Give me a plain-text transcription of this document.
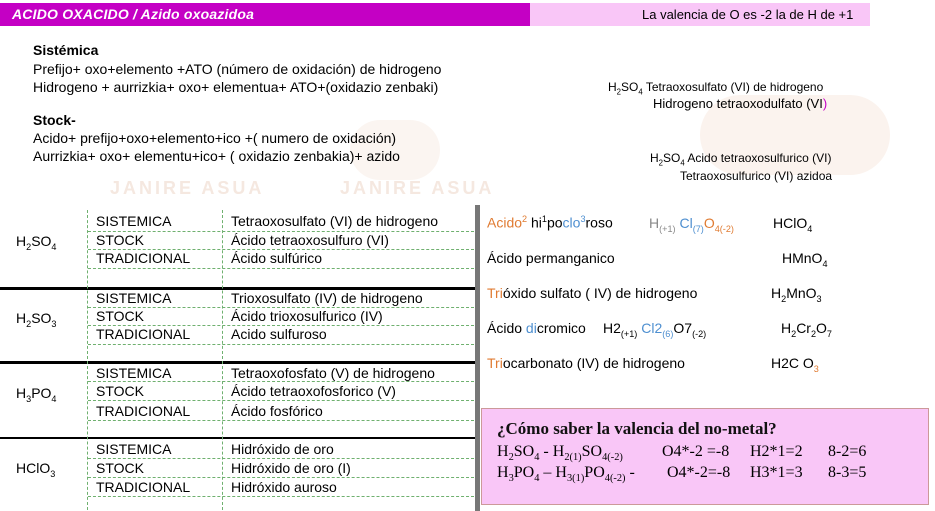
JANIRE ASUA	JANIRE ASUA
ACIDO OXACIDO / Azido oxoazidoa	La valencia de O es -2 la de H de +1
Sistémica
Prefijo+ oxo+elemento +ATO (número de oxidación) de hidrogeno
Hidrogeno + aurrizkia+ oxo+ elementua+ ATO+(oxidazio zenbaki)
Stock-
Acido+ prefijo+oxo+elemento+ico +( numero de oxidación)
Aurrizkia+ oxo+ elementu+ico+ ( oxidazio zenbakia)+ azido
$H_2SO_4$ Tetraoxosulfato (VI) de hidrogeno
Hidrogeno tetraoxodulfato (VI)
$H_2SO_4$ Acido tetraoxosulfurico (VI)
Tetraoxosulfurico (VI) azidoa
$H_2SO_4$
SISTEMICA	Tetraoxosulfato (VI) de hidrogeno
STOCK	Ácido tetraoxosulfuro (VI)
TRADICIONAL	Ácido sulfúrico
$H_2SO_3$
SISTEMICA	Trioxosulfato (IV) de hidrogeno
STOCK	Ácido trioxosulfurico (IV)
TRADICIONAL	Acido sulfuroso
$H_3PO_4$
SISTEMICA	Tetraoxofosfato (V) de hidrogeno
STOCK	Ácido tetraoxofosforico (V)
TRADICIONAL	Ácido fosfórico
HClO$_3$
SISTEMICA	Hidróxido de oro
STOCK	Hidróxido de oro (I)
TRADICIONAL	Hidróxido auroso
Acido$^2$ $hi^1poclo^3roso$	$H_{(+1)}$ $Cl_{(7)}O_{4(-2)}$	HClO$_4$
Ácido permanganico	HMnO$_4$
Trióxido sulfato ( IV) de hidrogeno	$H_2MnO_3$
Ácido dicromico $H2_{(+1)}$ $Cl2_{(6)}O7_{(-2)}$	$H_2Cr_2O_7$
Triocarbonato (IV) de hidrogeno	H2C $O_3$
¿Cómo saber la valencia del no-metal?
$H_2SO_4 - H_{2(1)}SO_{4(-2)}$ O4*-2 =-8 H2*1=2 8-2=6
$H_3PO_4 - H_{3(1)}PO_{4(-2)} - O4*-2=-8$ H3*1=3 8-3=5
